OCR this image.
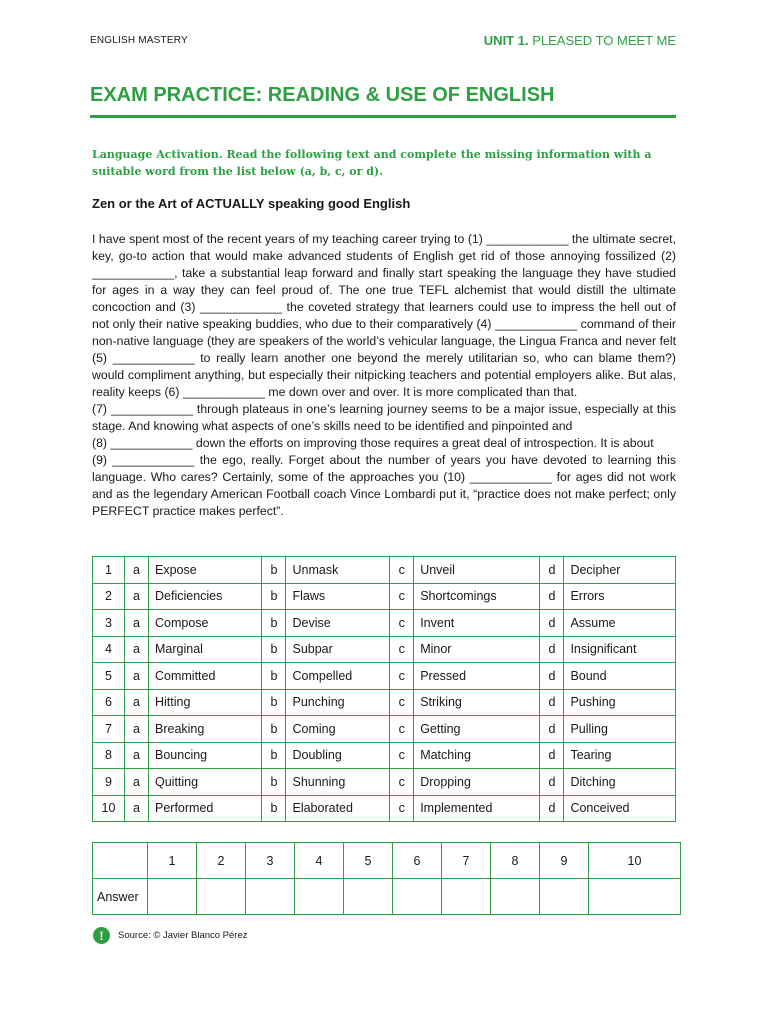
ENGLISH MASTERY	UNIT 1. PLEASED TO MEET ME
EXAM PRACTICE: READING & USE OF ENGLISH
Language Activation. Read the following text and complete the missing information with a suitable word from the list below (a, b, c, or d).
Zen or the Art of ACTUALLY speaking good English

I have spent most of the recent years of my teaching career trying to (1) ____________ the ultimate secret, key, go-to action that would make advanced students of English get rid of those annoying fossilized (2) ____________, take a substantial leap forward and finally start speaking the language they have studied for ages in a way they can feel proud of. The one true TEFL alchemist that would distill the ultimate concoction and (3) ____________ the coveted strategy that learners could use to impress the hell out of not only their native speaking buddies, who due to their comparatively (4) ____________ command of their non-native language (they are speakers of the world’s vehicular language, the Lingua Franca and never felt (5) ____________ to really learn another one beyond the merely utilitarian so, who can blame them?) would compliment anything, but especially their nitpicking teachers and potential employers alike. But alas, reality keeps (6) ____________ me down over and over. It is more complicated than that.

(7) ____________ through plateaus in one’s learning journey seems to be a major issue, especially at this stage. And knowing what aspects of one’s skills need to be identified and pinpointed and

(8) ____________ down the efforts on improving those requires a great deal of introspection. It is about

(9) ____________ the ego, really. Forget about the number of years you have devoted to learning this language. Who cares? Certainly, some of the approaches you (10) ____________ for ages did not work and as the legendary American Football coach Vince Lombardi put it, “practice does not make perfect; only PERFECT practice makes perfect”.

1	a	Expose	b	Unmask	c	Unveil	d	Decipher
2	a	Deficiencies	b	Flaws	c	Shortcomings	d	Errors
3	a	Compose	b	Devise	c	Invent	d	Assume
4	a	Marginal	b	Subpar	c	Minor	d	Insignificant
5	a	Committed	b	Compelled	c	Pressed	d	Bound
6	a	Hitting	b	Punching	c	Striking	d	Pushing
7	a	Breaking	b	Coming	c	Getting	d	Pulling
8	a	Bouncing	b	Doubling	c	Matching	d	Tearing
9	a	Quitting	b	Shunning	c	Dropping	d	Ditching
10	a	Performed	b	Elaborated	c	Implemented	d	Conceived
	1	2	3	4	5	6	7	8	9	10
Answer										
!	Source: © Javier Blanco Pérez
